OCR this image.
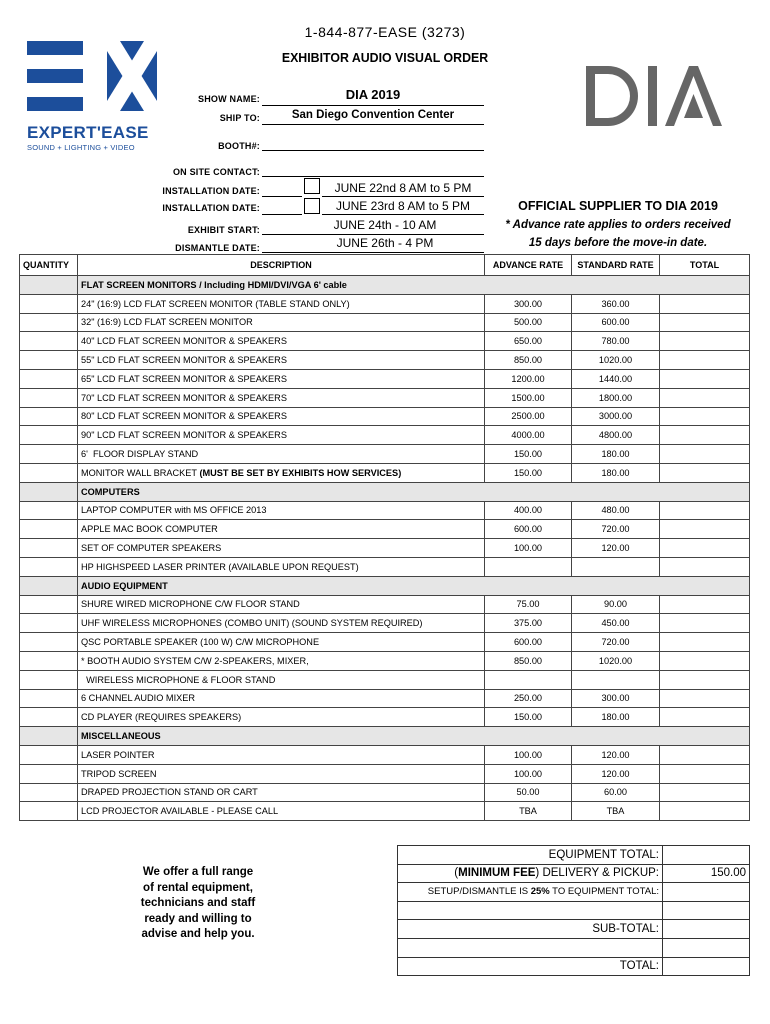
1-844-877-EASE (3273)
EXHIBITOR AUDIO VISUAL ORDER
EXPERT'EASE
SOUND + LIGHTING + VIDEO
SHOW NAME:	DIA 2019
SHIP TO:	San Diego Convention Center
BOOTH#:
ON SITE CONTACT:
INSTALLATION DATE:
INSTALLATION DATE:
JUNE 22nd 8 AM to 5 PM
JUNE 23rd 8 AM to 5 PM
EXHIBIT START:	JUNE 24th - 10 AM
DISMANTLE DATE:	JUNE 26th - 4 PM
OFFICIAL SUPPLIER TO DIA 2019
* Advance rate applies to orders received
15 days before the move-in date.
QUANTITY	DESCRIPTION	ADVANCE RATE	STANDARD RATE	TOTAL
	FLAT SCREEN MONITORS / Including HDMI/DVI/VGA 6' cable			
	24" (16:9) LCD FLAT SCREEN MONITOR (TABLE STAND ONLY)	300.00	360.00	
	32" (16:9) LCD FLAT SCREEN MONITOR	500.00	600.00	
	40" LCD FLAT SCREEN MONITOR & SPEAKERS	650.00	780.00	
	55" LCD FLAT SCREEN MONITOR & SPEAKERS	850.00	1020.00	
	65" LCD FLAT SCREEN MONITOR & SPEAKERS	1200.00	1440.00	
	70" LCD FLAT SCREEN MONITOR & SPEAKERS	1500.00	1800.00	
	80" LCD FLAT SCREEN MONITOR & SPEAKERS	2500.00	3000.00	
	90" LCD FLAT SCREEN MONITOR & SPEAKERS	4000.00	4800.00	
	6'  FLOOR DISPLAY STAND	150.00	180.00	
	MONITOR WALL BRACKET (MUST BE SET BY EXHIBITS HOW SERVICES)	150.00	180.00	
	COMPUTERS			
	LAPTOP COMPUTER with MS OFFICE 2013	400.00	480.00	
	APPLE MAC BOOK COMPUTER	600.00	720.00	
	SET OF COMPUTER SPEAKERS	100.00	120.00	
	HP HIGHSPEED LASER PRINTER (AVAILABLE UPON REQUEST)			
	AUDIO EQUIPMENT			
	SHURE WIRED MICROPHONE C/W FLOOR STAND	75.00	90.00	
	UHF WIRELESS MICROPHONES (COMBO UNIT) (SOUND SYSTEM REQUIRED)	375.00	450.00	
	QSC PORTABLE SPEAKER (100 W) C/W MICROPHONE	600.00	720.00	
	* BOOTH AUDIO SYSTEM C/W 2-SPEAKERS, MIXER,	850.00	1020.00	
	WIRELESS MICROPHONE & FLOOR STAND			
	6 CHANNEL AUDIO MIXER	250.00	300.00	
	CD PLAYER (REQUIRES SPEAKERS)	150.00	180.00	
	MISCELLANEOUS			
	LASER POINTER	100.00	120.00	
	TRIPOD SCREEN	100.00	120.00	
	DRAPED PROJECTION STAND OR CART	50.00	60.00	
	LCD PROJECTOR AVAILABLE - PLEASE CALL	TBA	TBA	
We offer a full range
of rental equipment,
technicians and staff
ready and willing to
advise and help you.
EQUIPMENT TOTAL:	
(MINIMUM FEE) DELIVERY & PICKUP:	150.00
SETUP/DISMANTLE IS 25% TO EQUIPMENT TOTAL:	

SUB-TOTAL:	

TOTAL:	
